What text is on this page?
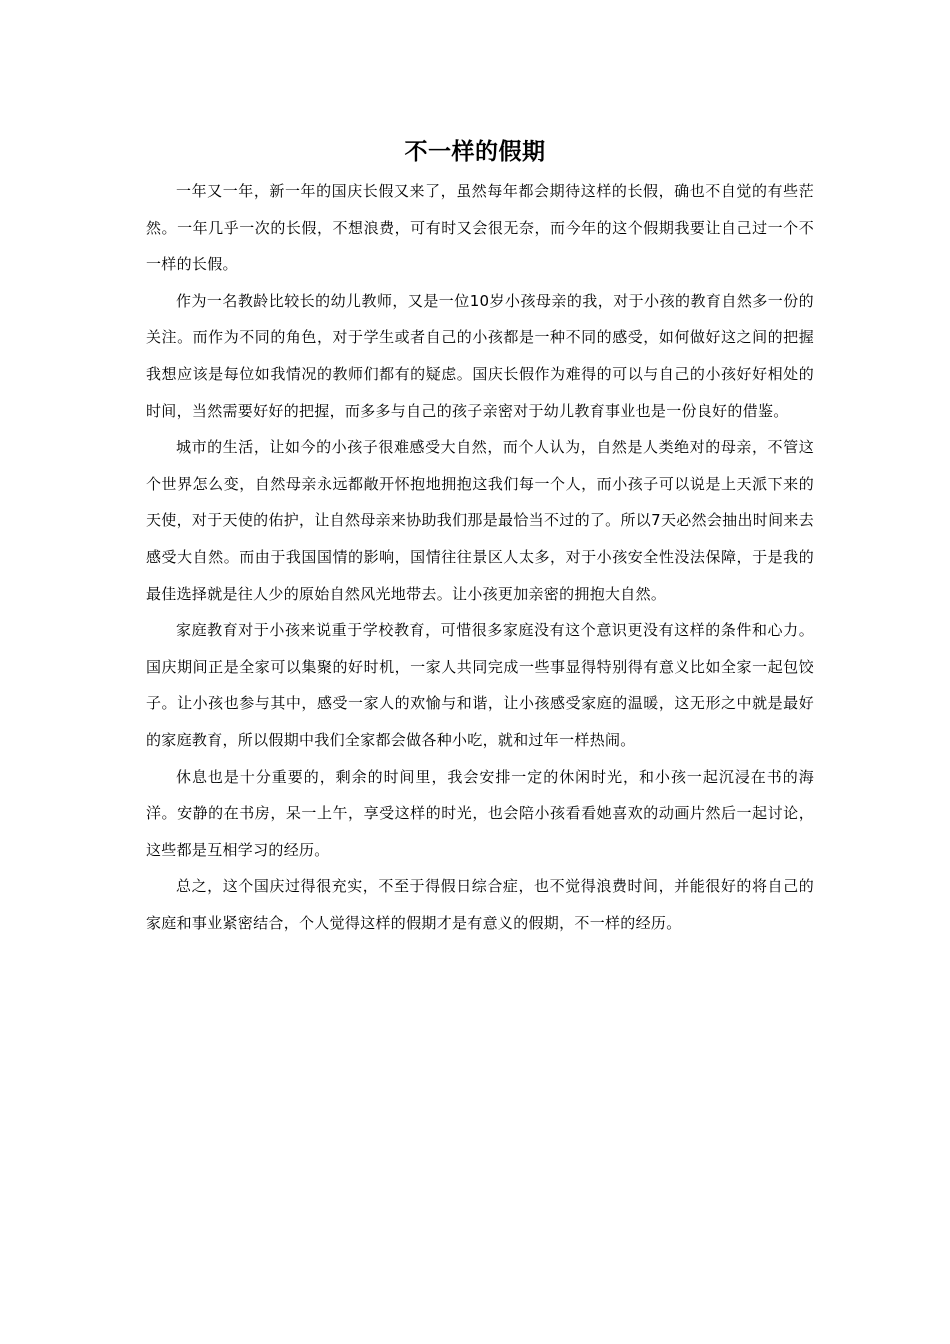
不一样的假期

一年又一年，新一年的国庆长假又来了，虽然每年都会期待这样的长假，确也不自觉的有些茫然。一年几乎一次的长假，不想浪费，可有时又会很无奈，而今年的这个假期我要让自己过一个不一样的长假。

作为一名教龄比较长的幼儿教师，又是一位10岁小孩母亲的我，对于小孩的教育自然多一份的关注。而作为不同的角色，对于学生或者自己的小孩都是一种不同的感受，如何做好这之间的把握我想应该是每位如我情况的教师们都有的疑虑。国庆长假作为难得的可以与自己的小孩好好相处的时间，当然需要好好的把握，而多多与自己的孩子亲密对于幼儿教育事业也是一份良好的借鉴。

城市的生活，让如今的小孩子很难感受大自然，而个人认为，自然是人类绝对的母亲，不管这个世界怎么变，自然母亲永远都敞开怀抱地拥抱这我们每一个人，而小孩子可以说是上天派下来的天使，对于天使的佑护，让自然母亲来协助我们那是最恰当不过的了。所以7天必然会抽出时间来去感受大自然。而由于我国国情的影响，国情往往景区人太多，对于小孩安全性没法保障，于是我的最佳选择就是往人少的原始自然风光地带去。让小孩更加亲密的拥抱大自然。

家庭教育对于小孩来说重于学校教育，可惜很多家庭没有这个意识更没有这样的条件和心力。国庆期间正是全家可以集聚的好时机，一家人共同完成一些事显得特别得有意义比如全家一起包饺子。让小孩也参与其中，感受一家人的欢愉与和谐，让小孩感受家庭的温暖，这无形之中就是最好的家庭教育，所以假期中我们全家都会做各种小吃，就和过年一样热闹。

休息也是十分重要的，剩余的时间里，我会安排一定的休闲时光，和小孩一起沉浸在书的海洋。安静的在书房，呆一上午，享受这样的时光，也会陪小孩看看她喜欢的动画片然后一起讨论，这些都是互相学习的经历。

总之，这个国庆过得很充实，不至于得假日综合症，也不觉得浪费时间，并能很好的将自己的家庭和事业紧密结合，个人觉得这样的假期才是有意义的假期，不一样的经历。
